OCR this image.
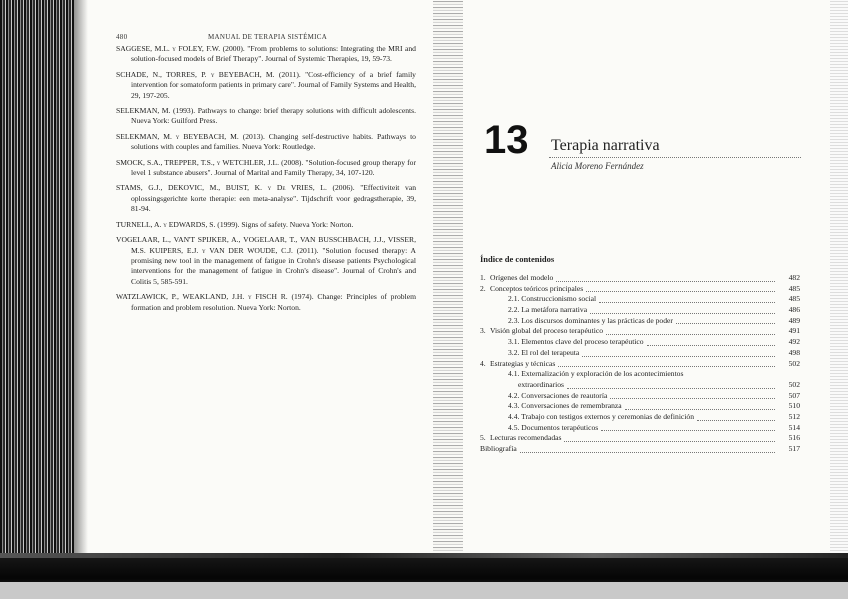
480	MANUAL DE TERAPIA SISTÉMICA

SAGGESE, M.L. y FOLEY, F.W. (2000). "From problems to solutions: Integrating the MRI and solution-focused models of Brief Therapy". Journal of Systemic Therapies, 19, 59-73.

SCHADE, N., TORRES, P. y BEYEBACH, M. (2011). "Cost-efficiency of a brief family intervention for somatoform patients in primary care". Journal of Family Systems and Health, 29, 197-205.

SELEKMAN, M. (1993). Pathways to change: brief therapy solutions with difficult adolescents. Nueva York: Guilford Press.

SELEKMAN, M. y BEYEBACH, M. (2013). Changing self-destructive habits. Pathways to solutions with couples and families. Nueva York: Routledge.

SMOCK, S.A., TREPPER, T.S., y WETCHLER, J.L. (2008). "Solution-focused group therapy for level 1 substance abusers". Journal of Marital and Family Therapy, 34, 107-120.

STAMS, G.J., DEKOVIC, M., BUIST, K. y De VRIES, L. (2006). "Effectiviteit van oplossingsgerichte korte therapie: een meta-analyse". Tijdschrift voor gedragstherapie, 39, 81-94.

TURNELL, A. y EDWARDS, S. (1999). Signs of safety. Nueva York: Norton.

VOGELAAR, L., VAN'T SPIJKER, A., VOGELAAR, T., VAN BUSSCHBACH, J.J., VISSER, M.S. KUIPERS, E.J. y VAN DER WOUDE, C.J. (2011). "Solution focused therapy: A promising new tool in the management of fatigue in Crohn's disease patients Psychological interventions for the management of fatigue in Crohn's disease". Journal of Crohn's and Colitis 5, 585-591.

WATZLAWICK, P., WEAKLAND, J.H. y FISCH R. (1974). Change: Principles of problem formation and problem resolution. Nueva York: Norton.

13 Terapia narrativa
Alicia Moreno Fernández
Índice de contenidos
1. Orígenes del modelo	482
2. Conceptos teóricos principales	485
2.1. Construccionismo social	485
2.2. La metáfora narrativa	486
2.3. Los discursos dominantes y las prácticas de poder	489
3. Visión global del proceso terapéutico	491
3.1. Elementos clave del proceso terapéutico	492
3.2. El rol del terapeuta	498
4. Estrategias y técnicas	502
4.1. Externalización y exploración de los acontecimientos
extraordinarios	502
4.2. Conversaciones de reautoría	507
4.3. Conversaciones de remembranza	510
4.4. Trabajo con testigos externos y ceremonias de definición	512
4.5. Documentos terapéuticos	514
5. Lecturas recomendadas	516
Bibliografía	517
